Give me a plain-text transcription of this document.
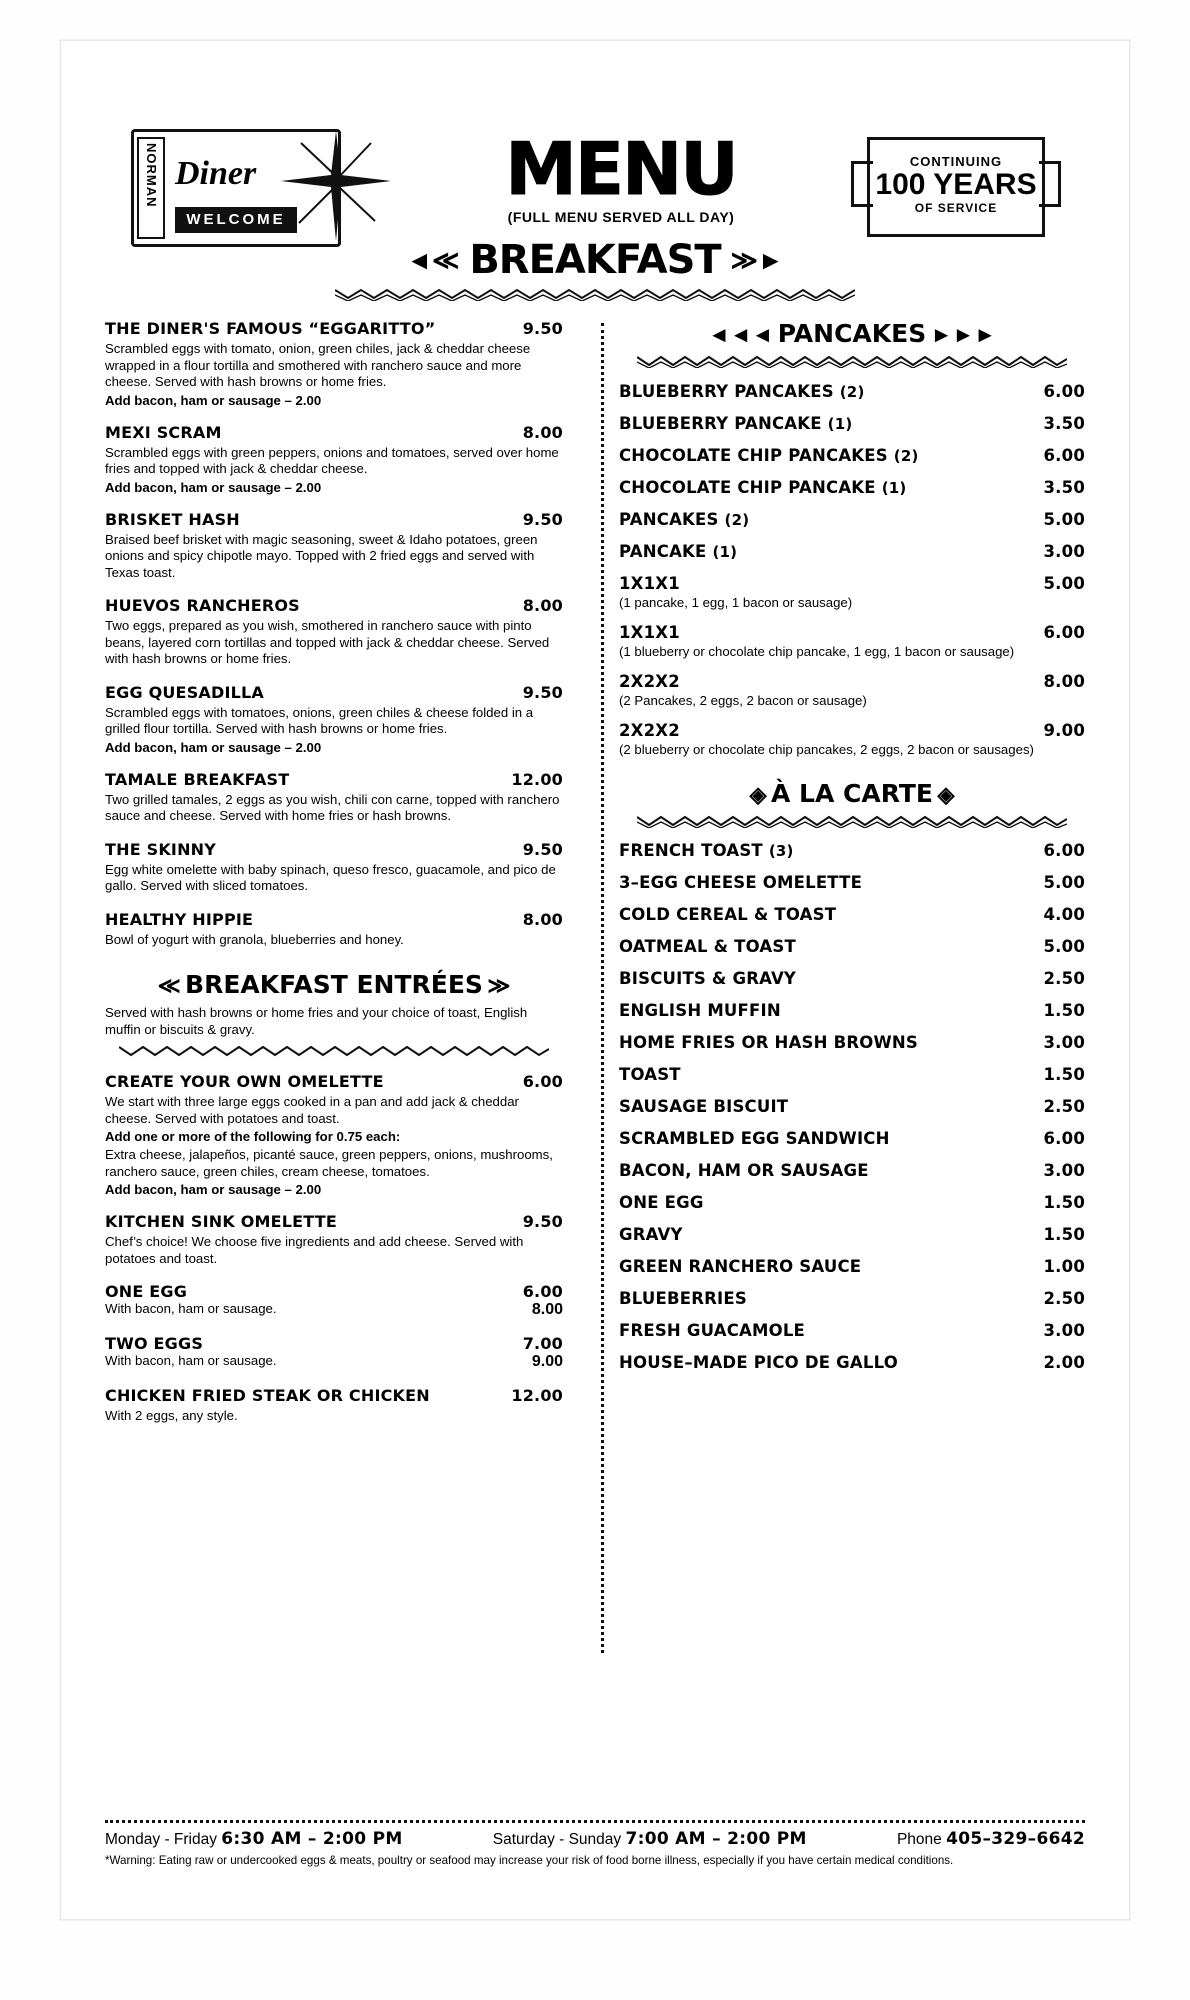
NORMAN Diner
WELCOME
MENU
(FULL MENU SERVED ALL DAY)
CONTINUING
100 YEARS
OF SERVICE
◄≪ BREAKFAST ≫►
THE DINER'S FAMOUS “EGGARITTO”	9.50
Scrambled eggs with tomato, onion, green chiles, jack & cheddar cheese wrapped in a flour tortilla and smothered with ranchero sauce and more cheese. Served with hash browns or home fries.
Add bacon, ham or sausage – 2.00
MEXI SCRAM	8.00
Scrambled eggs with green peppers, onions and tomatoes, served over home fries and topped with jack & cheddar cheese.
Add bacon, ham or sausage – 2.00
BRISKET HASH	9.50
Braised beef brisket with magic seasoning, sweet & Idaho potatoes, green onions and spicy chipotle mayo. Topped with 2 fried eggs and served with Texas toast.
HUEVOS RANCHEROS	8.00
Two eggs, prepared as you wish, smothered in ranchero sauce with pinto beans, layered corn tortillas and topped with jack & cheddar cheese. Served with hash browns or home fries.
EGG QUESADILLA	9.50
Scrambled eggs with tomatoes, onions, green chiles & cheese folded in a grilled flour tortilla. Served with hash browns or home fries.
Add bacon, ham or sausage – 2.00
TAMALE BREAKFAST	12.00
Two grilled tamales, 2 eggs as you wish, chili con carne, topped with ranchero sauce and cheese. Served with home fries or hash browns.
THE SKINNY	9.50
Egg white omelette with baby spinach, queso fresco, guacamole, and pico de gallo. Served with sliced tomatoes.
HEALTHY HIPPIE	8.00
Bowl of yogurt with granola, blueberries and honey.
≪ BREAKFAST ENTRÉES ≫
Served with hash browns or home fries and your choice of toast, English muffin or biscuits & gravy.
CREATE YOUR OWN OMELETTE	6.00
We start with three large eggs cooked in a pan and add jack & cheddar cheese. Served with potatoes and toast.
Add one or more of the following for 0.75 each:
Extra cheese, jalapeños, picanté sauce, green peppers, onions, mushrooms, ranchero sauce, green chiles, cream cheese, tomatoes.
Add bacon, ham or sausage – 2.00
KITCHEN SINK OMELETTE	9.50
Chef’s choice! We choose five ingredients and add cheese. Served with potatoes and toast.
ONE EGG	6.00
With bacon, ham or sausage.	8.00
TWO EGGS	7.00
With bacon, ham or sausage.	9.00
CHICKEN FRIED STEAK OR CHICKEN	12.00
With 2 eggs, any style.
◄◄◄ PANCAKES ►►►
BLUEBERRY PANCAKES (2)	6.00
BLUEBERRY PANCAKE (1)	3.50
CHOCOLATE CHIP PANCAKES (2)	6.00
CHOCOLATE CHIP PANCAKE (1)	3.50
PANCAKES (2)	5.00
PANCAKE (1)	3.00
1X1X1	5.00
(1 pancake, 1 egg, 1 bacon or sausage)
1X1X1	6.00
(1 blueberry or chocolate chip pancake, 1 egg, 1 bacon or sausage)
2X2X2	8.00
(2 Pancakes, 2 eggs, 2 bacon or sausage)
2X2X2	9.00
(2 blueberry or chocolate chip pancakes, 2 eggs, 2 bacon or sausages)
◈ À LA CARTE ◈
FRENCH TOAST (3)	6.00
3–EGG CHEESE OMELETTE	5.00
COLD CEREAL & TOAST	4.00
OATMEAL & TOAST	5.00
BISCUITS & GRAVY	2.50
ENGLISH MUFFIN	1.50
HOME FRIES OR HASH BROWNS	3.00
TOAST	1.50
SAUSAGE BISCUIT	2.50
SCRAMBLED EGG SANDWICH	6.00
BACON, HAM OR SAUSAGE	3.00
ONE EGG	1.50
GRAVY	1.50
GREEN RANCHERO SAUCE	1.00
BLUEBERRIES	2.50
FRESH GUACAMOLE	3.00
HOUSE–MADE PICO DE GALLO	2.00
Monday - Friday 6:30 AM – 2:00 PM	Saturday - Sunday 7:00 AM – 2:00 PM	Phone 405–329–6642
*Warning: Eating raw or undercooked eggs & meats, poultry or seafood may increase your risk of food borne illness, especially if you have certain medical conditions.
